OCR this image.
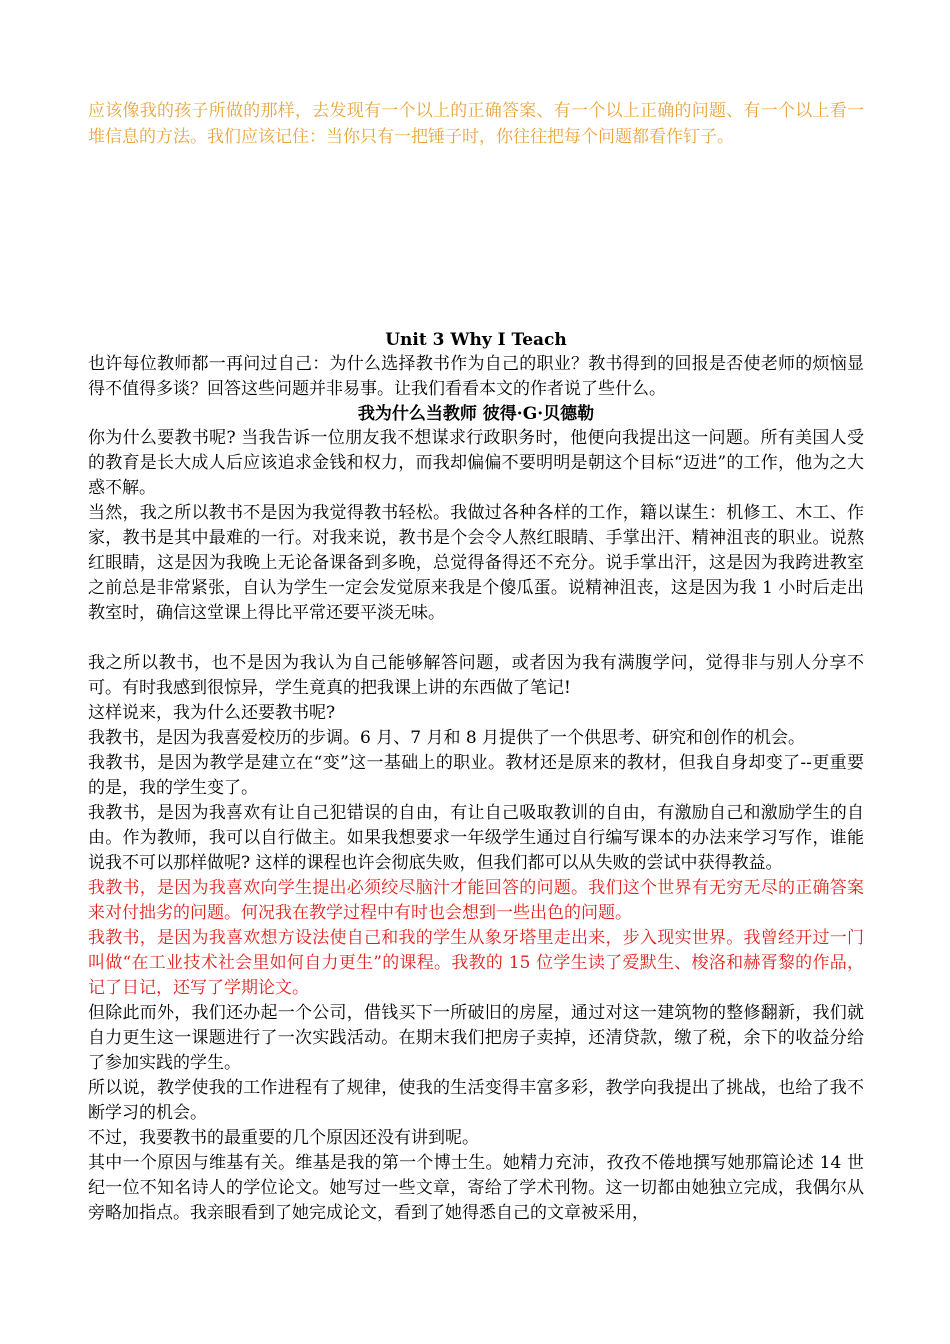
应该像我的孩子所做的那样，去发现有一个以上的正确答案、有一个以上正确的问题、有一个以上看一堆信息的方法。我们应该记住：当你只有一把锤子时，你往往把每个问题都看作钉子。

Unit 3 Why I Teach

也许每位教师都一再问过自己：为什么选择教书作为自己的职业？教书得到的回报是否使老师的烦恼显得不值得多谈？回答这些问题并非易事。让我们看看本文的作者说了些什么。

我为什么当教师 彼得·G·贝德勒

你为什么要教书呢? 当我告诉一位朋友我不想谋求行政职务时，他便向我提出这一问题。所有美国人受的教育是长大成人后应该追求金钱和权力，而我却偏偏不要明明是朝这个目标“迈进”的工作，他为之大惑不解。

当然，我之所以教书不是因为我觉得教书轻松。我做过各种各样的工作，籍以谋生：机修工、木工、作家，教书是其中最难的一行。对我来说，教书是个会令人熬红眼睛、手掌出汗、精神沮丧的职业。说熬红眼睛，这是因为我晚上无论备课备到多晚，总觉得备得还不充分。说手掌出汗，这是因为我跨进教室之前总是非常紧张，自认为学生一定会发觉原来我是个傻瓜蛋。说精神沮丧，这是因为我 1 小时后走出教室时，确信这堂课上得比平常还要平淡无味。

我之所以教书，也不是因为我认为自己能够解答问题，或者因为我有满腹学问，觉得非与别人分享不可。有时我感到很惊异，学生竟真的把我课上讲的东西做了笔记!

这样说来，我为什么还要教书呢?

我教书，是因为我喜爱校历的步调。6 月、7 月和 8 月提供了一个供思考、研究和创作的机会。

我教书，是因为教学是建立在“变”这一基础上的职业。教材还是原来的教材，但我自身却变了--更重要的是，我的学生变了。

我教书，是因为我喜欢有让自己犯错误的自由，有让自己吸取教训的自由，有激励自己和激励学生的自由。作为教师，我可以自行做主。如果我想要求一年级学生通过自行编写课本的办法来学习写作，谁能说我不可以那样做呢? 这样的课程也许会彻底失败，但我们都可以从失败的尝试中获得教益。

我教书，是因为我喜欢向学生提出必须绞尽脑汁才能回答的问题。我们这个世界有无穷无尽的正确答案来对付拙劣的问题。何况我在教学过程中有时也会想到一些出色的问题。

我教书，是因为我喜欢想方设法使自己和我的学生从象牙塔里走出来，步入现实世界。我曾经开过一门叫做“在工业技术社会里如何自力更生”的课程。我教的 15 位学生读了爱默生、梭洛和赫胥黎的作品，记了日记，还写了学期论文。

但除此而外，我们还办起一个公司，借钱买下一所破旧的房屋，通过对这一建筑物的整修翻新，我们就自力更生这一课题进行了一次实践活动。在期末我们把房子卖掉，还清贷款，缴了税，余下的收益分给了参加实践的学生。

所以说，教学使我的工作进程有了规律，使我的生活变得丰富多彩，教学向我提出了挑战，也给了我不断学习的机会。

不过，我要教书的最重要的几个原因还没有讲到呢。

其中一个原因与维基有关。维基是我的第一个博士生。她精力充沛，孜孜不倦地撰写她那篇论述 14 世纪一位不知名诗人的学位论文。她写过一些文章，寄给了学术刊物。这一切都由她独立完成，我偶尔从旁略加指点。我亲眼看到了她完成论文，看到了她得悉自己的文章被采用，
